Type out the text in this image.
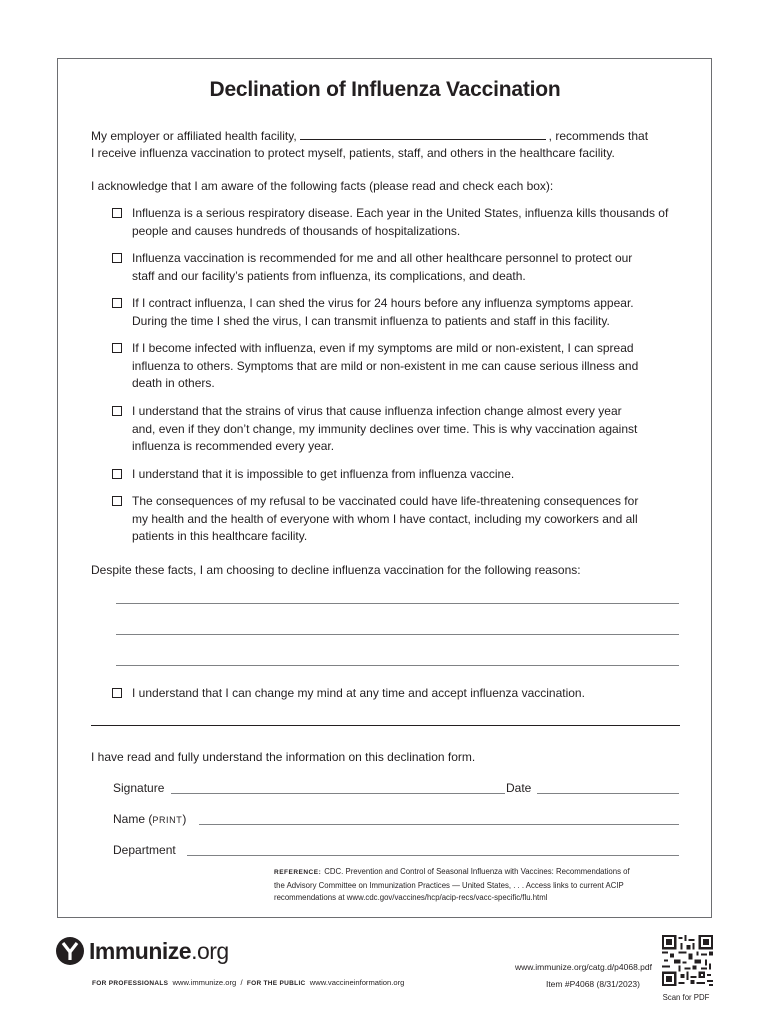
Declination of Influenza Vaccination
My employer or affiliated health facility,	, recommends that
I receive influenza vaccination to protect myself, patients, staff, and others in the healthcare facility.
I acknowledge that I am aware of the following facts (please read and check each box):
Influenza is a serious respiratory disease. Each year in the United States, influenza kills thousands of
people and causes hundreds of thousands of hospitalizations.
Influenza vaccination is recommended for me and all other healthcare personnel to protect our
staff and our facility’s patients from influenza, its complications, and death.
If I contract influenza, I can shed the virus for 24 hours before any influenza symptoms appear.
During the time I shed the virus, I can transmit influenza to patients and staff in this facility.
If I become infected with influenza, even if my symptoms are mild or non-existent, I can spread
influenza to others. Symptoms that are mild or non-existent in me can cause serious illness and
death in others.
I understand that the strains of virus that cause influenza infection change almost every year
and, even if they don’t change, my immunity declines over time. This is why vaccination against
influenza is recommended every year.
I understand that it is impossible to get influenza from influenza vaccine.
The consequences of my refusal to be vaccinated could have life-threatening consequences for
my health and the health of everyone with whom I have contact, including my coworkers and all
patients in this healthcare facility.
Despite these facts, I am choosing to decline influenza vaccination for the following reasons:
I understand that I can change my mind at any time and accept influenza vaccination.
I have read and fully understand the information on this declination form.
Signature	Date
Name (PRINT)
Department
REFERENCE: CDC. Prevention and Control of Seasonal Influenza with Vaccines: Recommendations of
the Advisory Committee on Immunization Practices — United States, . . . Access links to current ACIP
recommendations at www.cdc.gov/vaccines/hcp/acip-recs/vacc-specific/flu.html
Immunize.org
FOR PROFESSIONALS www.immunize.org / FOR THE PUBLIC www.vaccineinformation.org
www.immunize.org/catg.d/p4068.pdf
Item #P4068 (8/31/2023)
Scan for PDF
